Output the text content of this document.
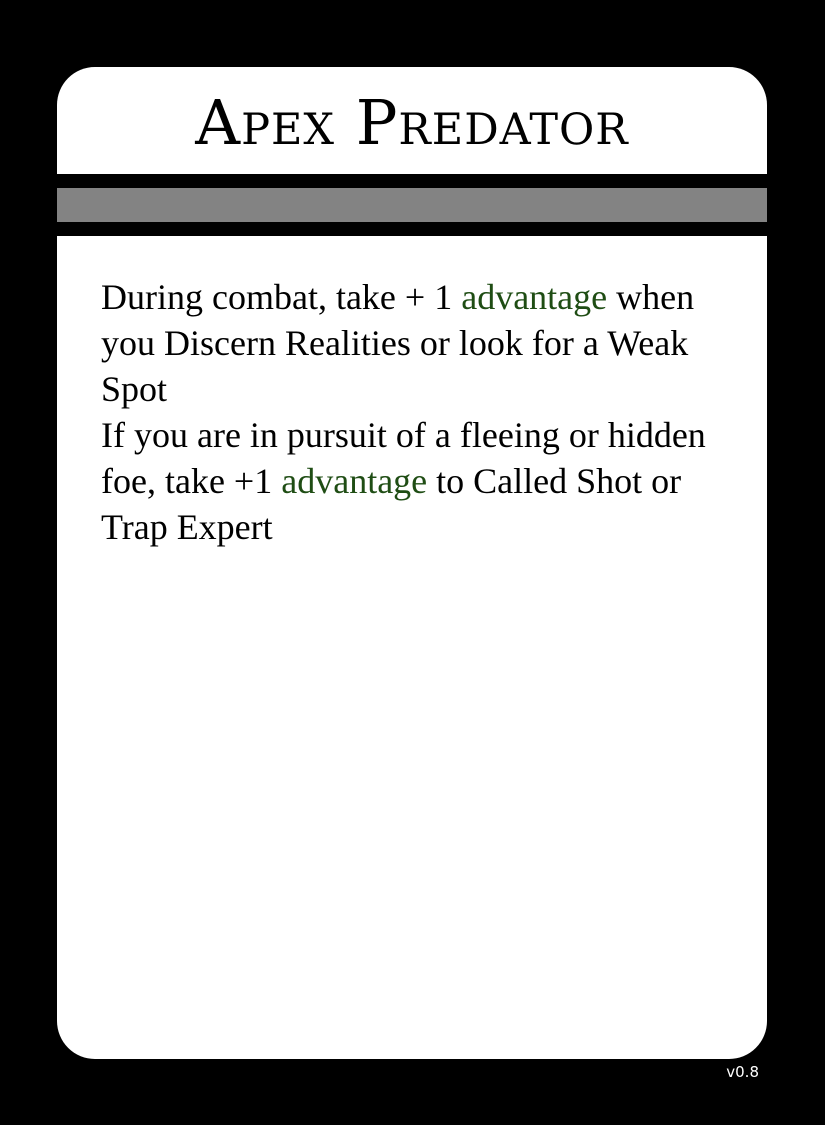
Apex Predator

During combat, take + 1 advantage when you Discern Realities or look for a Weak Spot

If you are in pursuit of a fleeing or hidden foe, take +1 advantage to Called Shot or Trap Expert

v0.8
